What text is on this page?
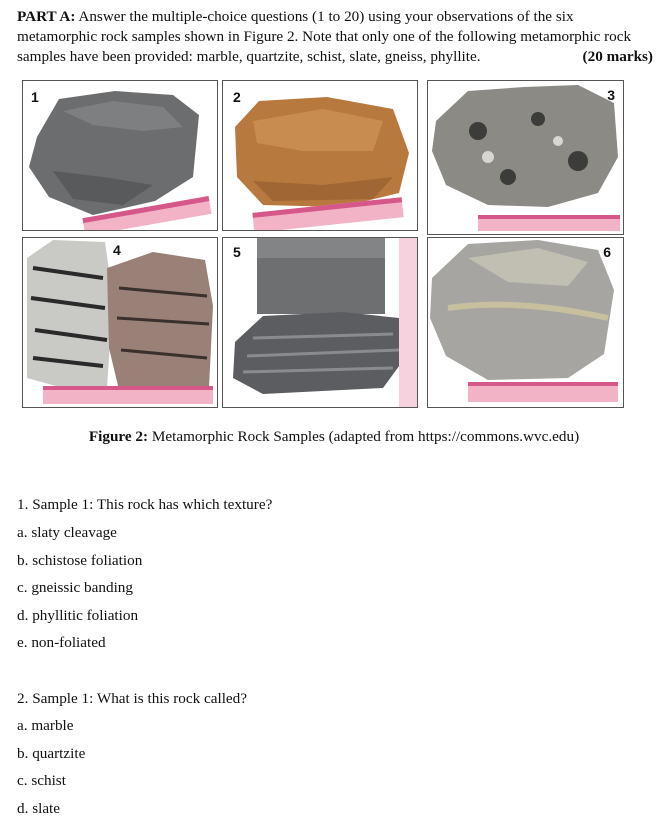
PART A: Answer the multiple-choice questions (1 to 20) using your observations of the six metamorphic rock samples shown in Figure 2. Note that only one of the following metamorphic rock samples have been provided: marble, quartzite, schist, slate, gneiss, phyllite.	(20 marks)

1	2	3
4	5	6
Figure 2: Metamorphic Rock Samples (adapted from https://commons.wvc.edu)
1. Sample 1: This rock has which texture?
a. slaty cleavage
b. schistose foliation
c. gneissic banding
d. phyllitic foliation
e. non-foliated
2. Sample 1: What is this rock called?
a. marble
b. quartzite
c. schist
d. slate
